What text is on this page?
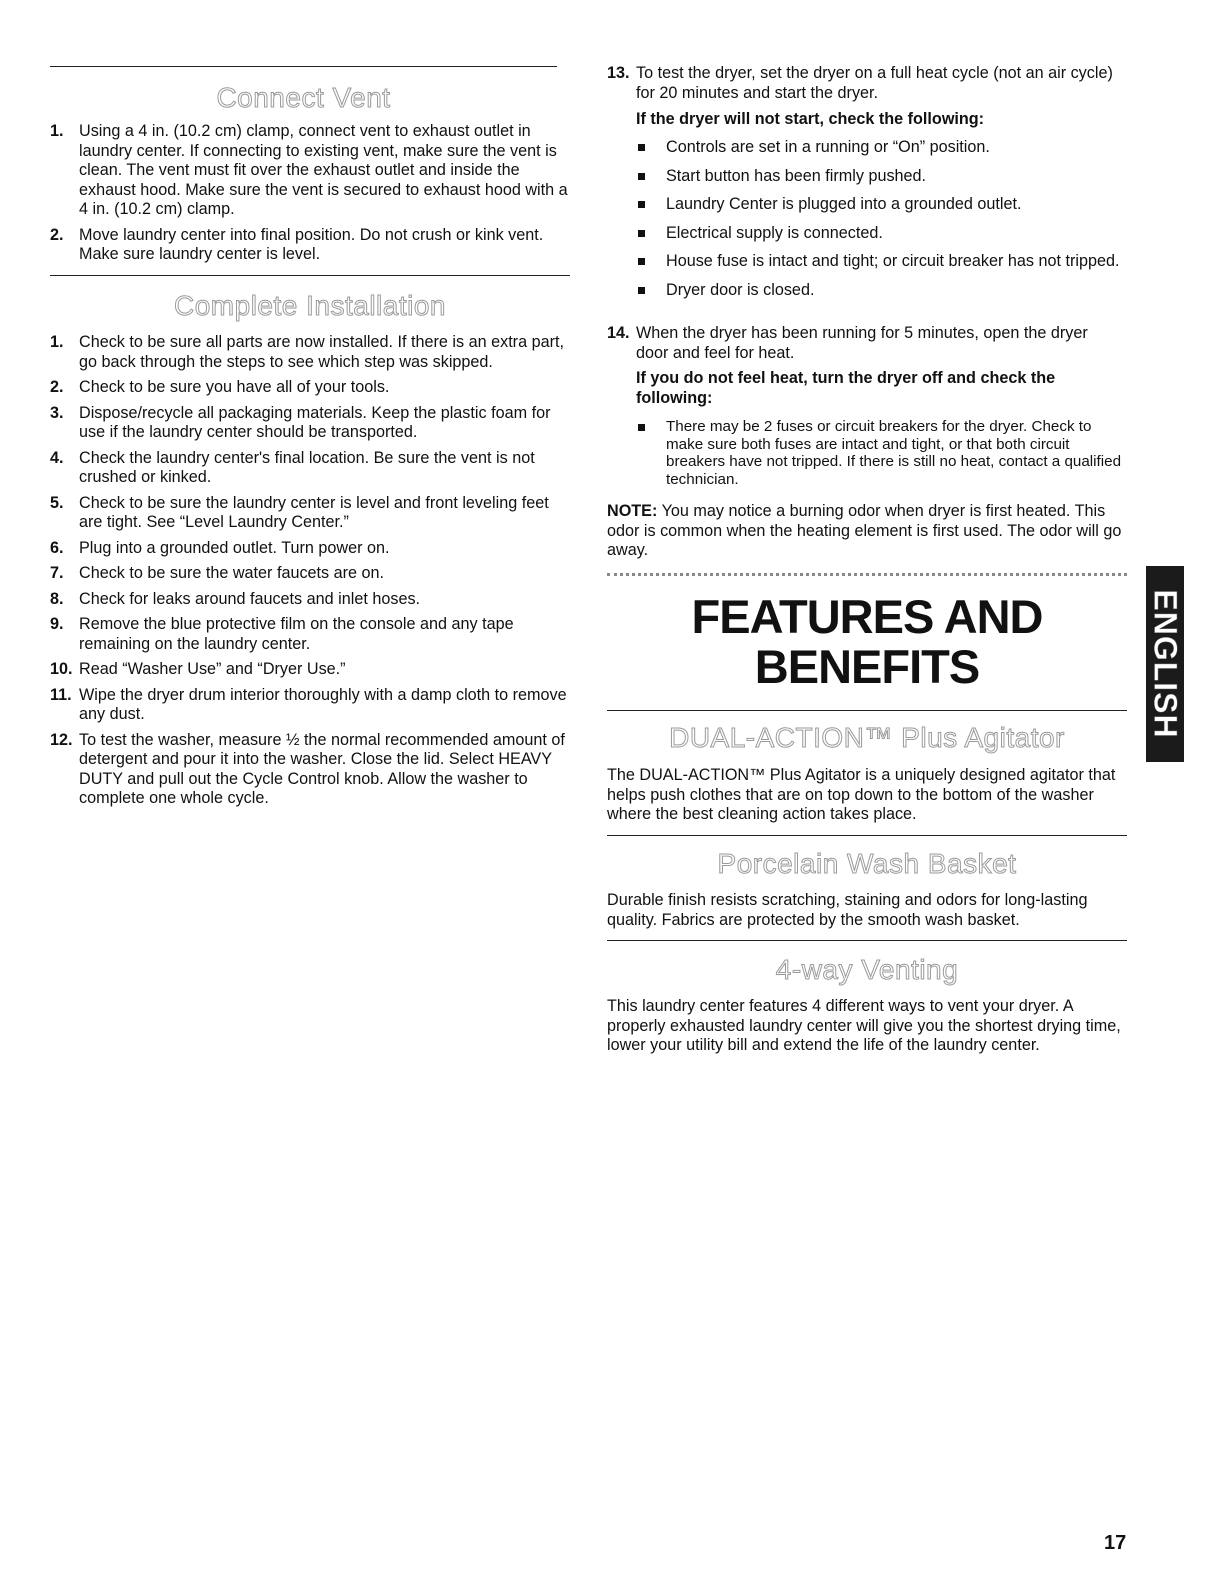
Connect Vent
1. Using a 4 in. (10.2 cm) clamp, connect vent to exhaust outlet in laundry center. If connecting to existing vent, make sure the vent is clean. The vent must fit over the exhaust outlet and inside the exhaust hood. Make sure the vent is secured to exhaust hood with a 4 in. (10.2 cm) clamp.
2. Move laundry center into final position. Do not crush or kink vent. Make sure laundry center is level.
Complete Installation
1. Check to be sure all parts are now installed. If there is an extra part, go back through the steps to see which step was skipped.
2. Check to be sure you have all of your tools.
3. Dispose/recycle all packaging materials. Keep the plastic foam for use if the laundry center should be transported.
4. Check the laundry center's final location. Be sure the vent is not crushed or kinked.
5. Check to be sure the laundry center is level and front leveling feet are tight. See “Level Laundry Center.”
6. Plug into a grounded outlet. Turn power on.
7. Check to be sure the water faucets are on.
8. Check for leaks around faucets and inlet hoses.
9. Remove the blue protective film on the console and any tape remaining on the laundry center.
10. Read “Washer Use” and “Dryer Use.”
11. Wipe the dryer drum interior thoroughly with a damp cloth to remove any dust.
12. To test the washer, measure ½ the normal recommended amount of detergent and pour it into the washer. Close the lid. Select HEAVY DUTY and pull out the Cycle Control knob. Allow the washer to complete one whole cycle.
13. To test the dryer, set the dryer on a full heat cycle (not an air cycle) for 20 minutes and start the dryer.
If the dryer will not start, check the following:
Controls are set in a running or “On” position.
Start button has been firmly pushed.
Laundry Center is plugged into a grounded outlet.
Electrical supply is connected.
House fuse is intact and tight; or circuit breaker has not tripped.
Dryer door is closed.
14. When the dryer has been running for 5 minutes, open the dryer door and feel for heat.
If you do not feel heat, turn the dryer off and check the following:
There may be 2 fuses or circuit breakers for the dryer. Check to make sure both fuses are intact and tight, or that both circuit breakers have not tripped. If there is still no heat, contact a qualified technician.

NOTE: You may notice a burning odor when dryer is first heated. This odor is common when the heating element is first used. The odor will go away.

FEATURES AND
BENEFITS
DUAL-ACTION™ Plus Agitator

The DUAL-ACTION™ Plus Agitator is a uniquely designed agitator that helps push clothes that are on top down to the bottom of the washer where the best cleaning action takes place.

Porcelain Wash Basket

Durable finish resists scratching, staining and odors for long-lasting quality. Fabrics are protected by the smooth wash basket.

4-way Venting

This laundry center features 4 different ways to vent your dryer. A properly exhausted laundry center will give you the shortest drying time, lower your utility bill and extend the life of the laundry center.

ENGLISH
17
